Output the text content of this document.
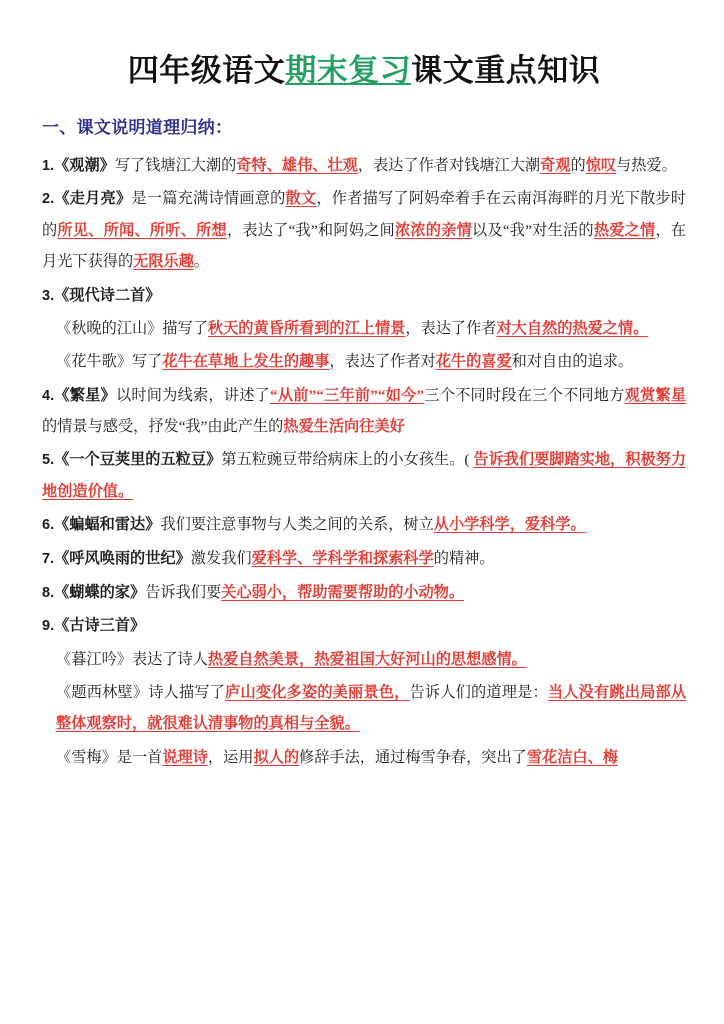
四年级语文期末复习课文重点知识
一、课文说明道理归纳：

1.《观潮》写了钱塘江大潮的奇特、雄伟、壮观，表达了作者对钱塘江大潮奇观的惊叹与热爱。

2.《走月亮》是一篇充满诗情画意的散文，作者描写了阿妈牵着手在云南洱海畔的月光下散步时的所见、所闻、所听、所想，表达了“我”和阿妈之间浓浓的亲情以及“我”对生活的热爱之情，在月光下获得的无限乐趣。

3.《现代诗二首》

《秋晚的江山》描写了秋天的黄昏所看到的江上情景，表达了作者对大自然的热爱之情。

《花牛歌》写了花牛在草地上发生的趣事，表达了作者对花牛的喜爱和对自由的追求。

4.《繁星》以时间为线索，讲述了“从前”“三年前”“如今”三个不同时段在三个不同地方观赏繁星的情景与感受，抒发“我”由此产生的热爱生活向往美好

5.《一个豆荚里的五粒豆》第五粒豌豆带给病床上的小女孩生。( 告诉我们要脚踏实地，积极努力地创造价值。

6.《蝙蝠和雷达》我们要注意事物与人类之间的关系，树立从小学科学，爱科学。

7.《呼风唤雨的世纪》激发我们爱科学、学科学和探索科学的精神。

8.《蝴蝶的家》告诉我们要关心弱小，帮助需要帮助的小动物。

9.《古诗三首》

《暮江吟》表达了诗人热爱自然美景，热爱祖国大好河山的思想感情。

《题西林壁》诗人描写了庐山变化多姿的美丽景色，告诉人们的道理是：当人没有跳出局部从整体观察时，就很难认清事物的真相与全貌。

《雪梅》是一首说理诗，运用拟人的修辞手法，通过梅雪争春，突出了雪花洁白、梅
